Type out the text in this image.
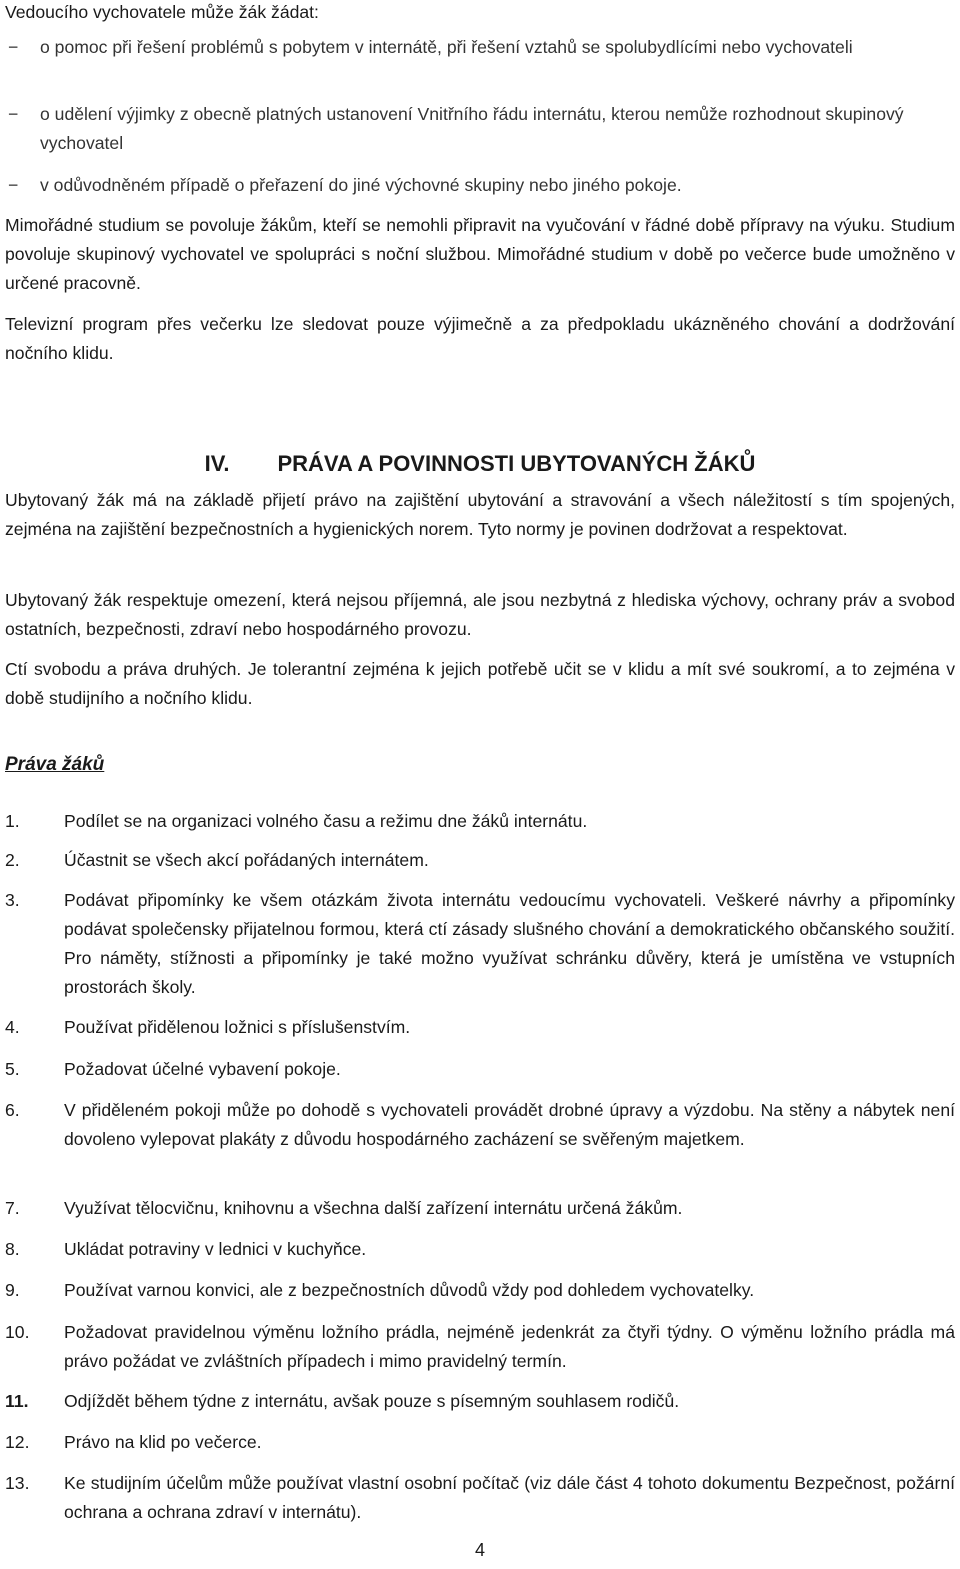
Vedoucího vychovatele může žák žádat:

− o pomoc při řešení problémů s pobytem v internátě, při řešení vztahů se spolubydlícími nebo vychovateli
− o udělení výjimky z obecně platných ustanovení Vnitřního řádu internátu, kterou nemůže rozhodnout skupinový vychovatel
− v odůvodněném případě o přeřazení do jiné výchovné skupiny nebo jiného pokoje.

Mimořádné studium se povoluje žákům, kteří se nemohli připravit na vyučování v řádné době přípravy na výuku. Studium povoluje skupinový vychovatel ve spolupráci s noční službou. Mimořádné studium v době po večerce bude umožněno v určené pracovně.

Televizní program přes večerku lze sledovat pouze výjimečně a za předpokladu ukázněného chování a dodržování nočního klidu.

IV. PRÁVA A POVINNOSTI UBYTOVANÝCH ŽÁKŮ

Ubytovaný žák má na základě přijetí právo na zajištění ubytování a stravování a všech náležitostí s tím spojených, zejména na zajištění bezpečnostních a hygienických norem. Tyto normy je povinen dodržovat a respektovat.

Ubytovaný žák respektuje omezení, která nejsou příjemná, ale jsou nezbytná z hlediska výchovy, ochrany práv a svobod ostatních, bezpečnosti, zdraví nebo hospodárného provozu.

Ctí svobodu a práva druhých. Je tolerantní zejména k jejich potřebě učit se v klidu a mít své soukromí, a to zejména v době studijního a nočního klidu.

Práva žáků
1.	Podílet se na organizaci volného času a režimu dne žáků internátu.
2.	Účastnit se všech akcí pořádaných internátem.
3.	Podávat připomínky ke všem otázkám života internátu vedoucímu vychovateli. Veškeré návrhy a připomínky podávat společensky přijatelnou formou, která ctí zásady slušného chování a demokratického občanského soužití. Pro náměty, stížnosti a připomínky je také možno využívat schránku důvěry, která je umístěna ve vstupních prostorách školy.
4.	Používat přidělenou ložnici s příslušenstvím.
5.	Požadovat účelné vybavení pokoje.
6.	V přiděleném pokoji může po dohodě s vychovateli provádět drobné úpravy a výzdobu. Na stěny a nábytek není dovoleno vylepovat plakáty z důvodu hospodárného zacházení se svěřeným majetkem.
7.	Využívat tělocvičnu, knihovnu a všechna další zařízení internátu určená žákům.
8.	Ukládat potraviny v lednici v kuchyňce.
9.	Používat varnou konvici, ale z bezpečnostních důvodů vždy pod dohledem vychovatelky.
10.	Požadovat pravidelnou výměnu ložního prádla, nejméně jedenkrát za čtyři týdny. O výměnu ložního prádla má právo požádat ve zvláštních případech i mimo pravidelný termín.
11.	Odjíždět během týdne z internátu, avšak pouze s písemným souhlasem rodičů.
12.	Právo na klid po večerce.
13.	Ke studijním účelům může používat vlastní osobní počítač (viz dále část 4 tohoto dokumentu Bezpečnost, požární ochrana a ochrana zdraví v internátu).
4
